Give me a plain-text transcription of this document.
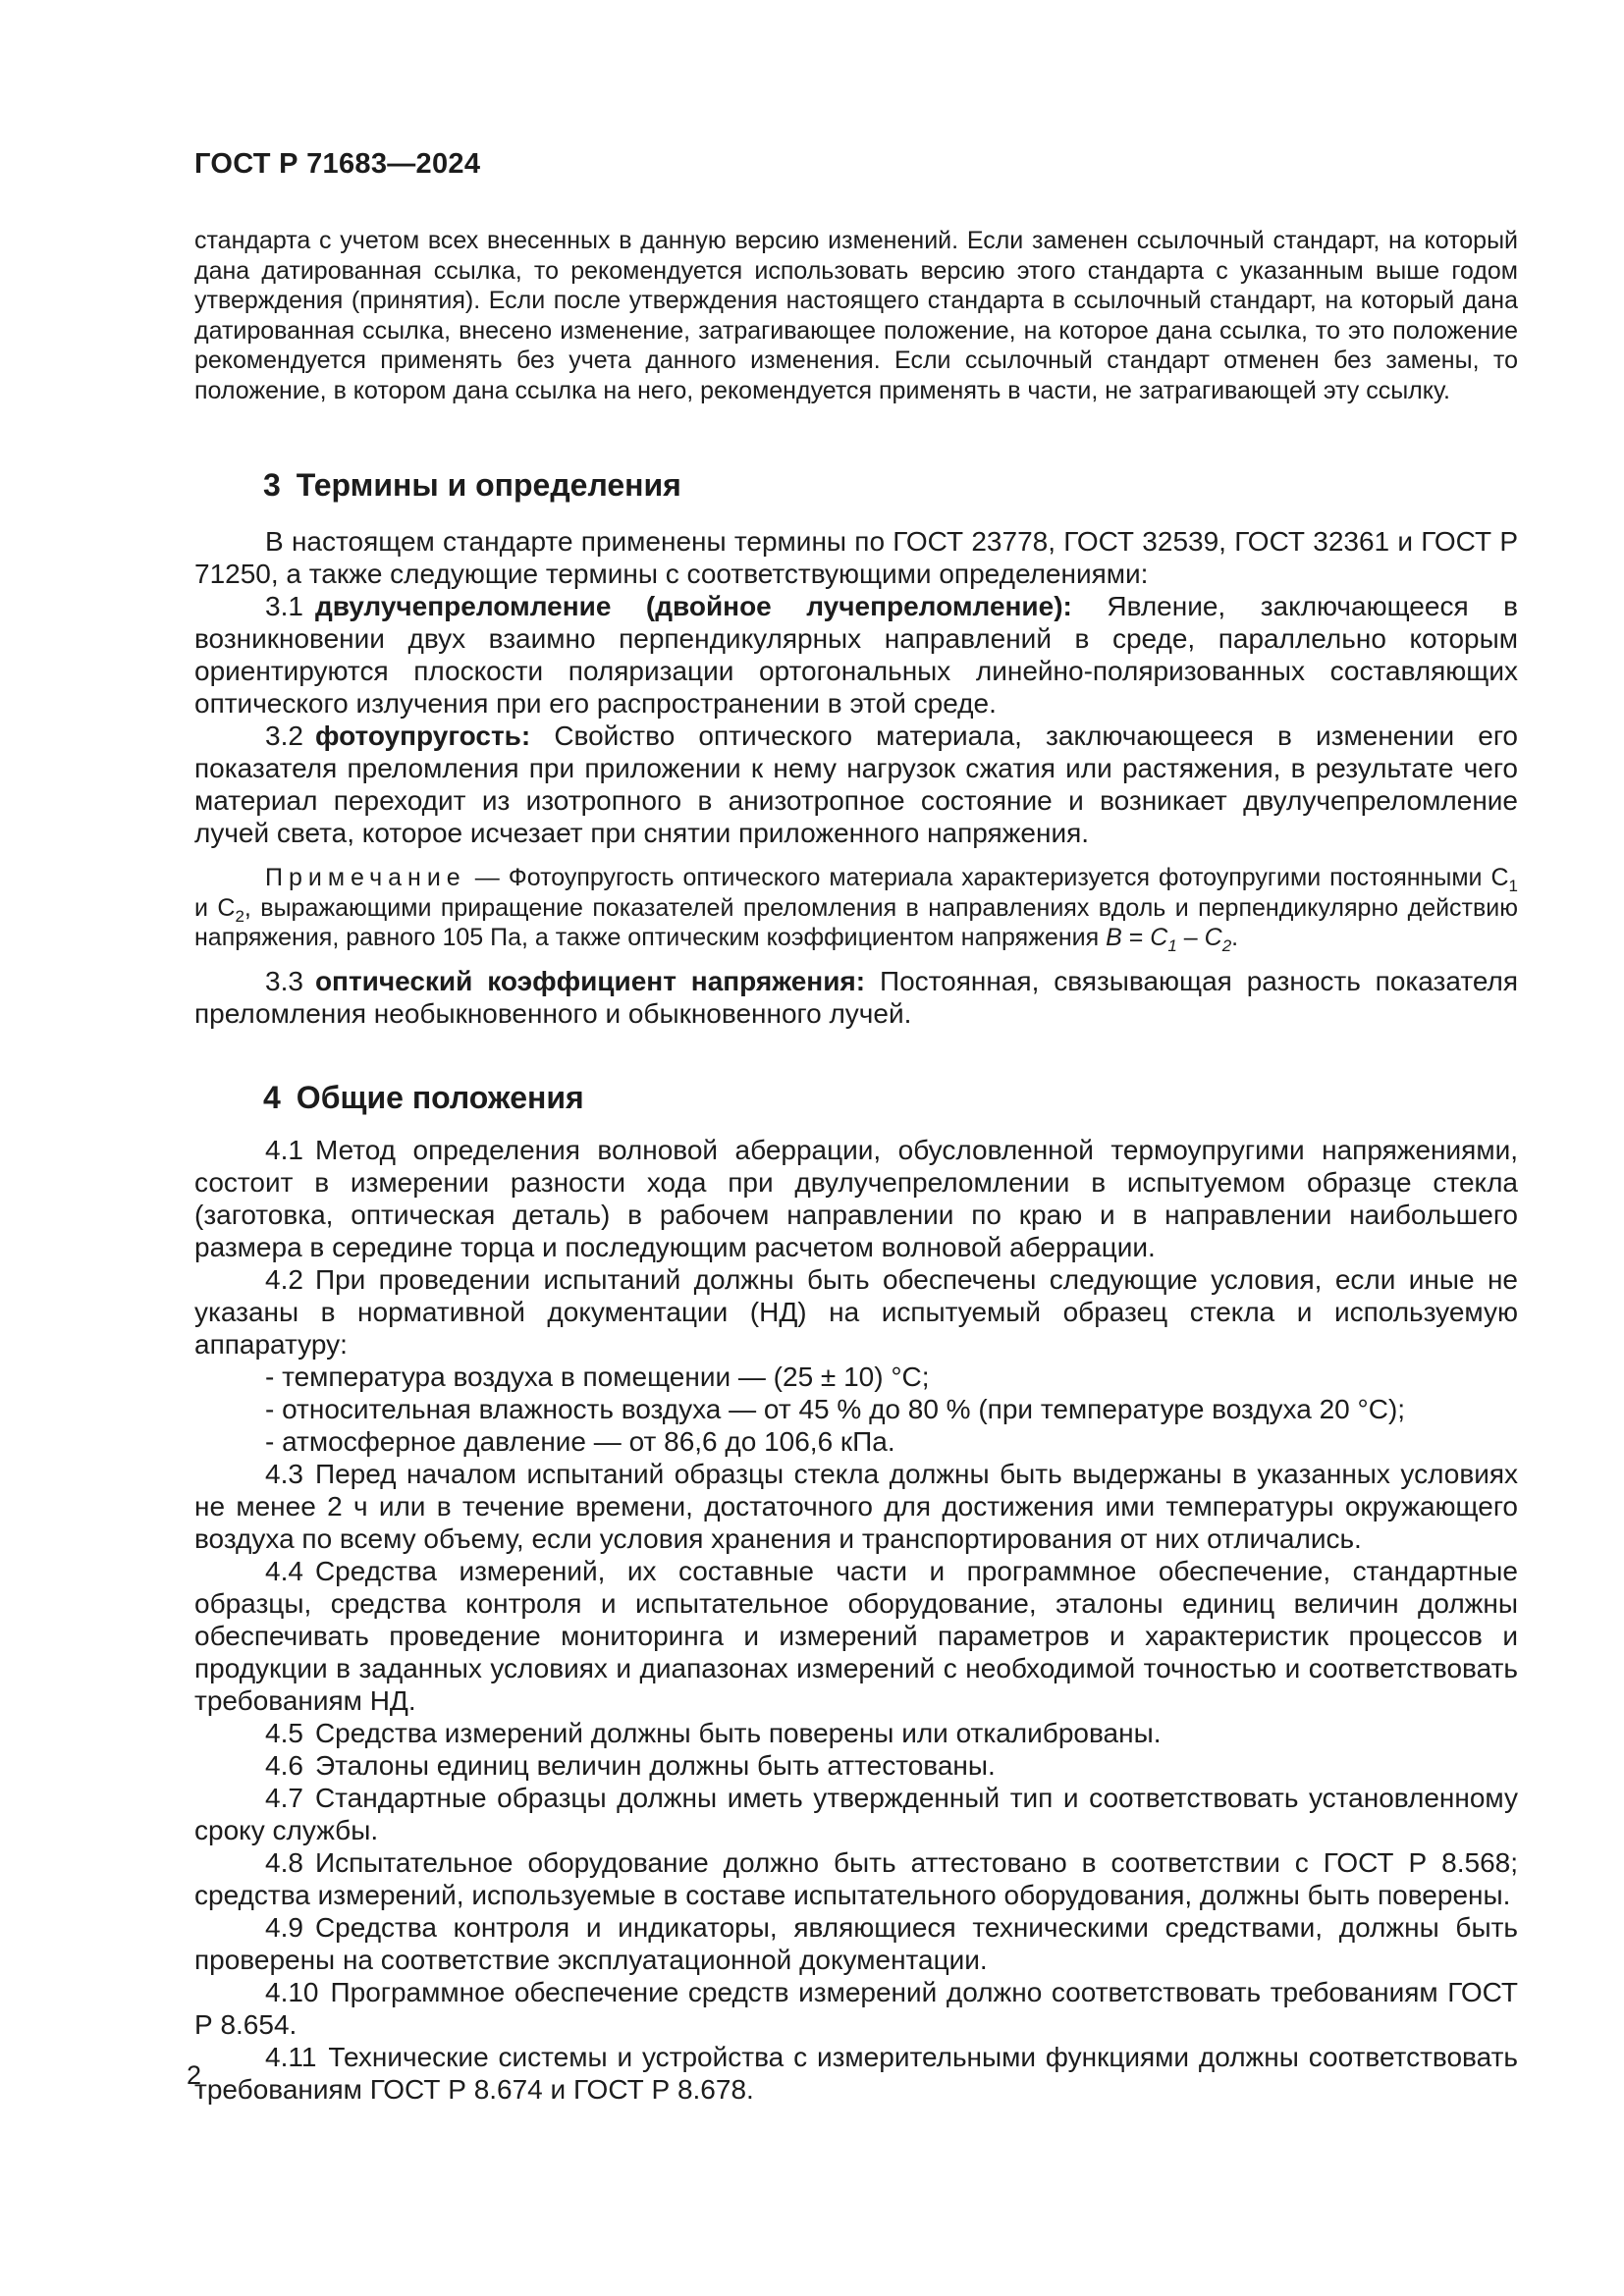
ГОСТ Р 71683—2024

стандарта с учетом всех внесенных в данную версию изменений. Если заменен ссылочный стандарт, на который дана датированная ссылка, то рекомендуется использовать версию этого стандарта с указанным выше годом утверждения (принятия). Если после утверждения настоящего стандарта в ссылочный стандарт, на который дана датированная ссылка, внесено изменение, затрагивающее положение, на которое дана ссылка, то это положение рекомендуется применять без учета данного изменения. Если ссылочный стандарт отменен без замены, то положение, в котором дана ссылка на него, рекомендуется применять в части, не затрагивающей эту ссылку.

3 Термины и определения

В настоящем стандарте применены термины по ГОСТ 23778, ГОСТ 32539, ГОСТ 32361 и ГОСТ Р 71250, а также следующие термины с соответствующими определениями:

3.1 двулучепреломление (двойное лучепреломление): Явление, заключающееся в возникновении двух взаимно перпендикулярных направлений в среде, параллельно которым ориентируются плоскости поляризации ортогональных линейно-поляризованных составляющих оптического излучения при его распространении в этой среде.

3.2 фотоупругость: Свойство оптического материала, заключающееся в изменении его показателя преломления при приложении к нему нагрузок сжатия или растяжения, в результате чего материал переходит из изотропного в анизотропное состояние и возникает двулучепреломление лучей света, которое исчезает при снятии приложенного напряжения.

Примечание — Фотоупругость оптического материала характеризуется фотоупругими постоянными $С_1$ и $С_2$, выражающими приращение показателей преломления в направлениях вдоль и перпендикулярно действию напряжения, равного 105 Па, а также оптическим коэффициентом напряжения $B = C_1 - C_2$.

3.3 оптический коэффициент напряжения: Постоянная, связывающая разность показателя преломления необыкновенного и обыкновенного лучей.

4 Общие положения

4.1 Метод определения волновой аберрации, обусловленной термоупругими напряжениями, состоит в измерении разности хода при двулучепреломлении в испытуемом образце стекла (заготовка, оптическая деталь) в рабочем направлении по краю и в направлении наибольшего размера в середине торца и последующим расчетом волновой аберрации.

4.2 При проведении испытаний должны быть обеспечены следующие условия, если иные не указаны в нормативной документации (НД) на испытуемый образец стекла и используемую аппаратуру:

- температура воздуха в помещении — (25 ± 10) °С;

- относительная влажность воздуха — от 45 % до 80 % (при температуре воздуха 20 °С);

- атмосферное давление — от 86,6 до 106,6 кПа.

4.3 Перед началом испытаний образцы стекла должны быть выдержаны в указанных условиях не менее 2 ч или в течение времени, достаточного для достижения ими температуры окружающего воздуха по всему объему, если условия хранения и транспортирования от них отличались.

4.4 Средства измерений, их составные части и программное обеспечение, стандартные образцы, средства контроля и испытательное оборудование, эталоны единиц величин должны обеспечивать проведение мониторинга и измерений параметров и характеристик процессов и продукции в заданных условиях и диапазонах измерений с необходимой точностью и соответствовать требованиям НД.

4.5 Средства измерений должны быть поверены или откалиброваны.

4.6 Эталоны единиц величин должны быть аттестованы.

4.7 Стандартные образцы должны иметь утвержденный тип и соответствовать установленному сроку службы.

4.8 Испытательное оборудование должно быть аттестовано в соответствии с ГОСТ Р 8.568; средства измерений, используемые в составе испытательного оборудования, должны быть поверены.

4.9 Средства контроля и индикаторы, являющиеся техническими средствами, должны быть проверены на соответствие эксплуатационной документации.

4.10 Программное обеспечение средств измерений должно соответствовать требованиям ГОСТ Р 8.654.

4.11 Технические системы и устройства с измерительными функциями должны соответствовать требованиям ГОСТ Р 8.674 и ГОСТ Р 8.678.

2
